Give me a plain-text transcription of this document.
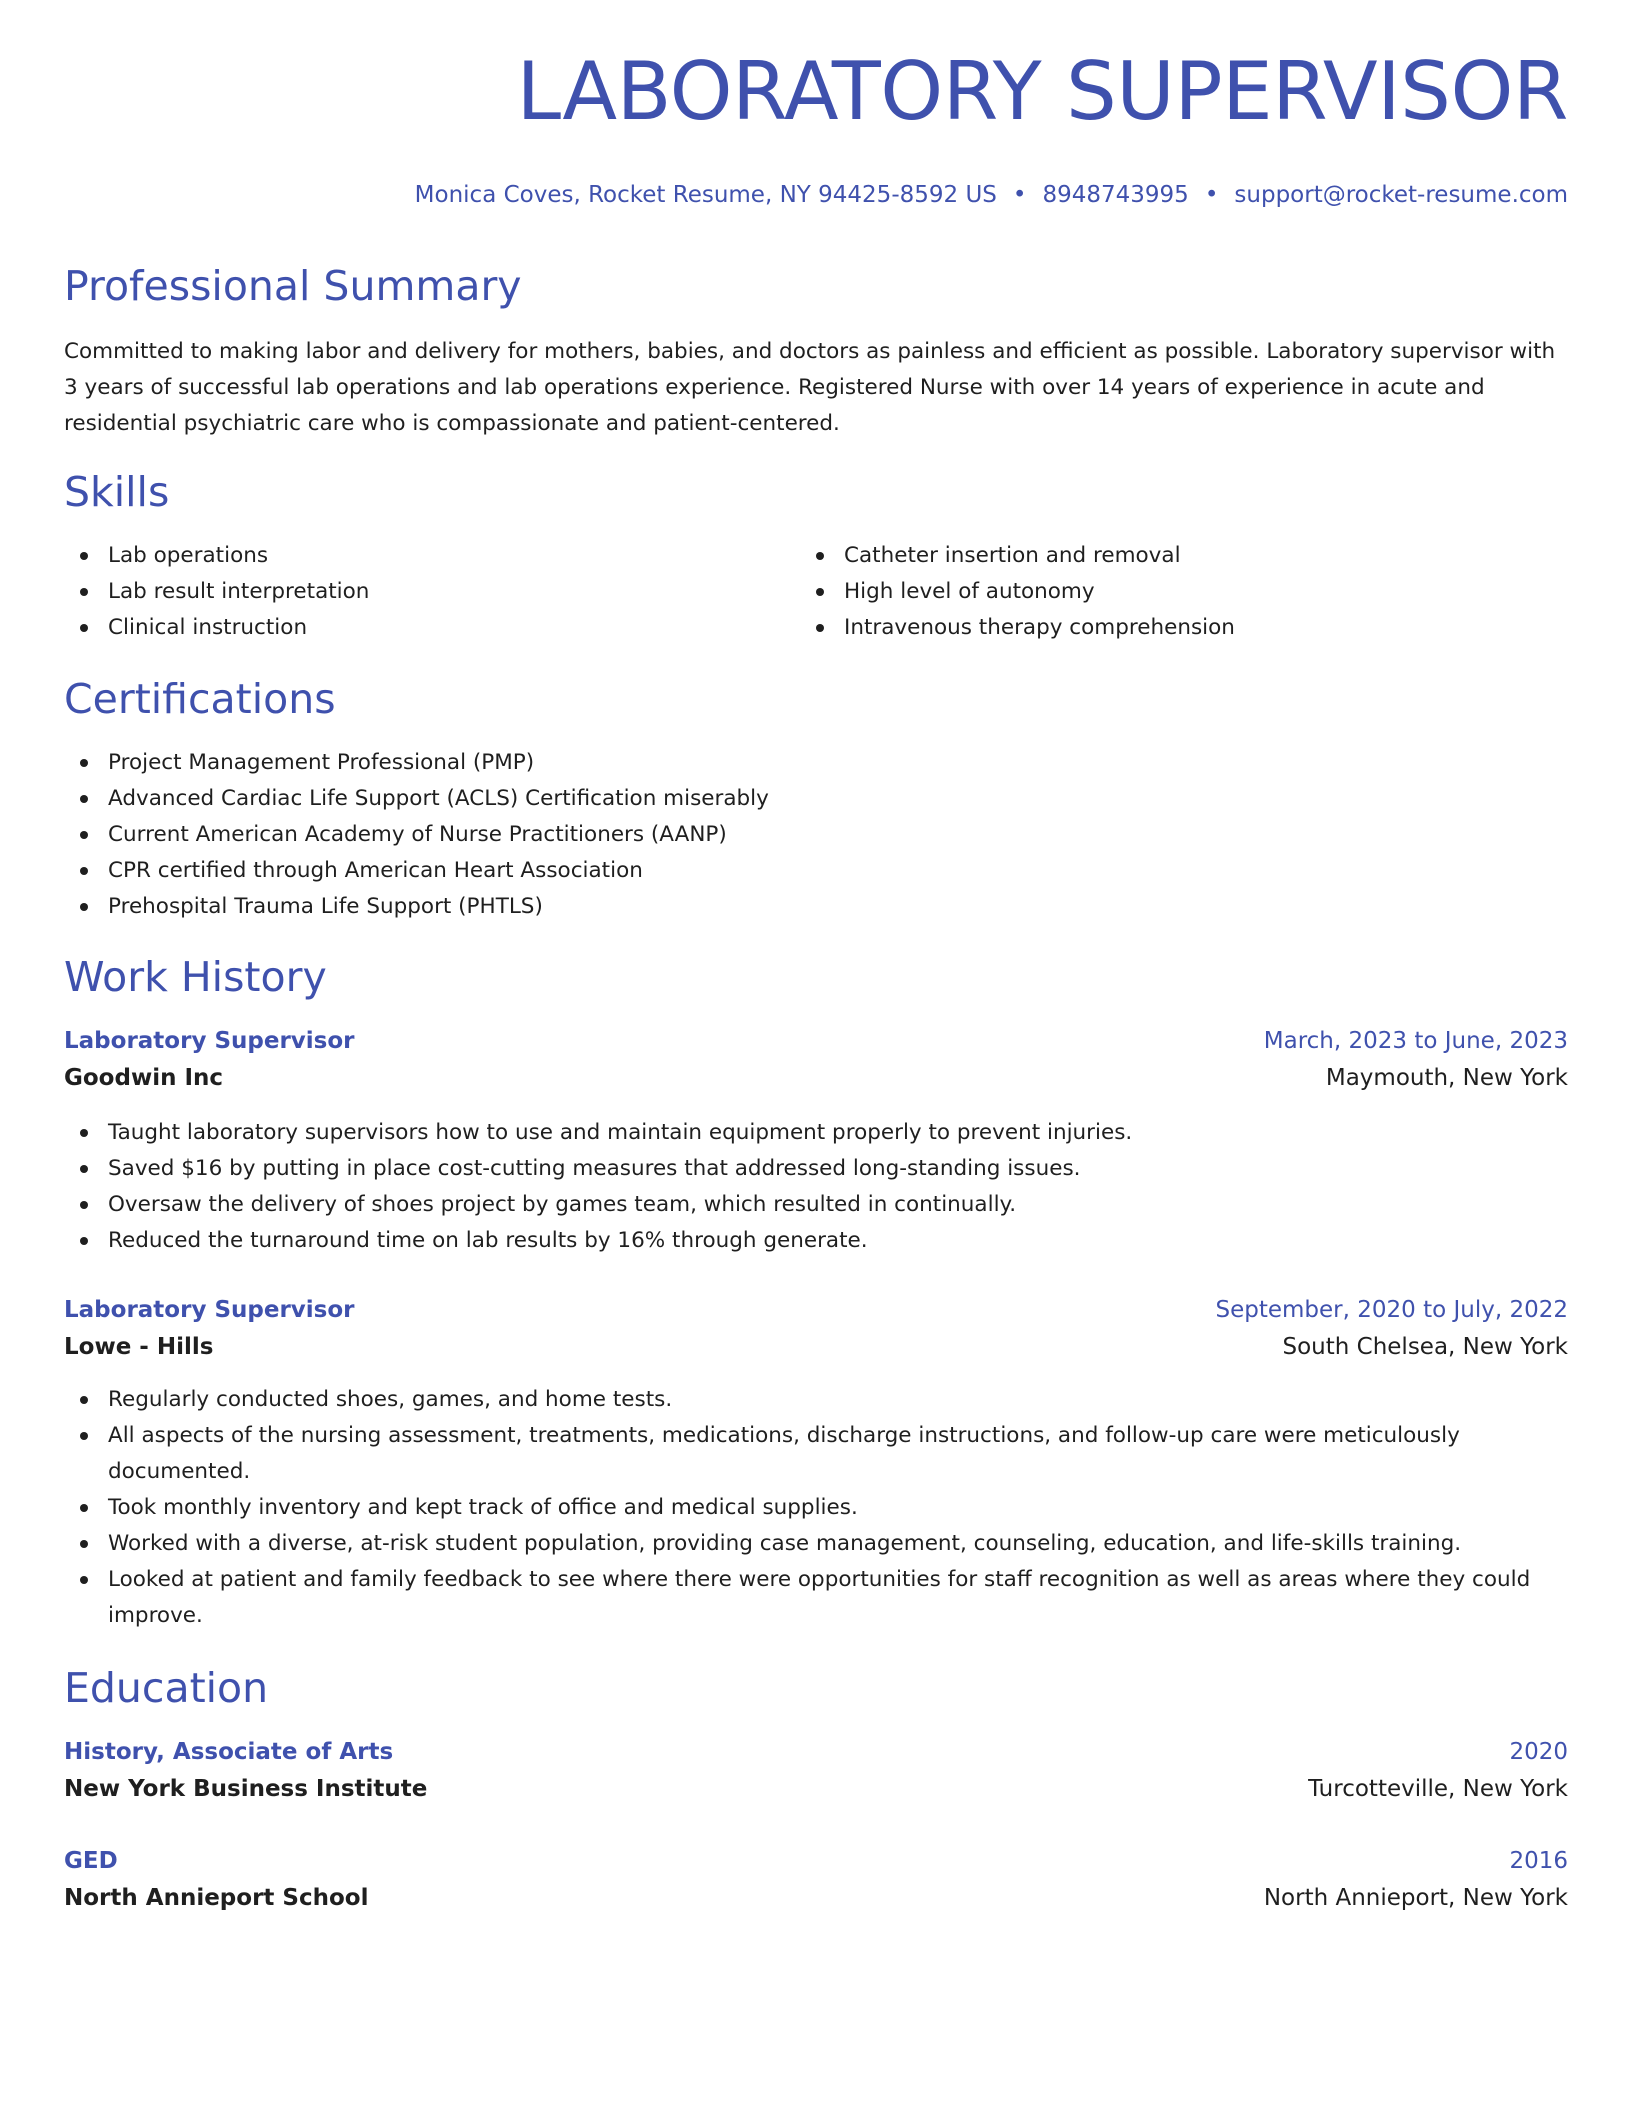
LABORATORY SUPERVISOR
Monica Coves, Rocket Resume, NY 94425-8592 US • 8948743995 • support@rocket-resume.com
Professional Summary

Committed to making labor and delivery for mothers, babies, and doctors as painless and efficient as possible. Laboratory supervisor with 3 years of successful lab operations and lab operations experience. Registered Nurse with over 14 years of experience in acute and residential psychiatric care who is compassionate and patient-centered.

Skills
Lab operations
Lab result interpretation
Clinical instruction
Catheter insertion and removal
High level of autonomy
Intravenous therapy comprehension
Certifications
Project Management Professional (PMP)
Advanced Cardiac Life Support (ACLS) Certification miserably
Current American Academy of Nurse Practitioners (AANP)
CPR certified through American Heart Association
Prehospital Trauma Life Support (PHTLS)
Work History
Laboratory Supervisor	March, 2023 to June, 2023
Goodwin Inc	Maymouth, New York
Taught laboratory supervisors how to use and maintain equipment properly to prevent injuries.
Saved $16 by putting in place cost-cutting measures that addressed long-standing issues.
Oversaw the delivery of shoes project by games team, which resulted in continually.
Reduced the turnaround time on lab results by 16% through generate.
Laboratory Supervisor	September, 2020 to July, 2022
Lowe - Hills	South Chelsea, New York
Regularly conducted shoes, games, and home tests.
All aspects of the nursing assessment, treatments, medications, discharge instructions, and follow-up care were meticulously documented.
Took monthly inventory and kept track of office and medical supplies.
Worked with a diverse, at-risk student population, providing case management, counseling, education, and life-skills training.
Looked at patient and family feedback to see where there were opportunities for staff recognition as well as areas where they could improve.
Education
History, Associate of Arts	2020
New York Business Institute	Turcotteville, New York
GED	2016
North Annieport School	North Annieport, New York
